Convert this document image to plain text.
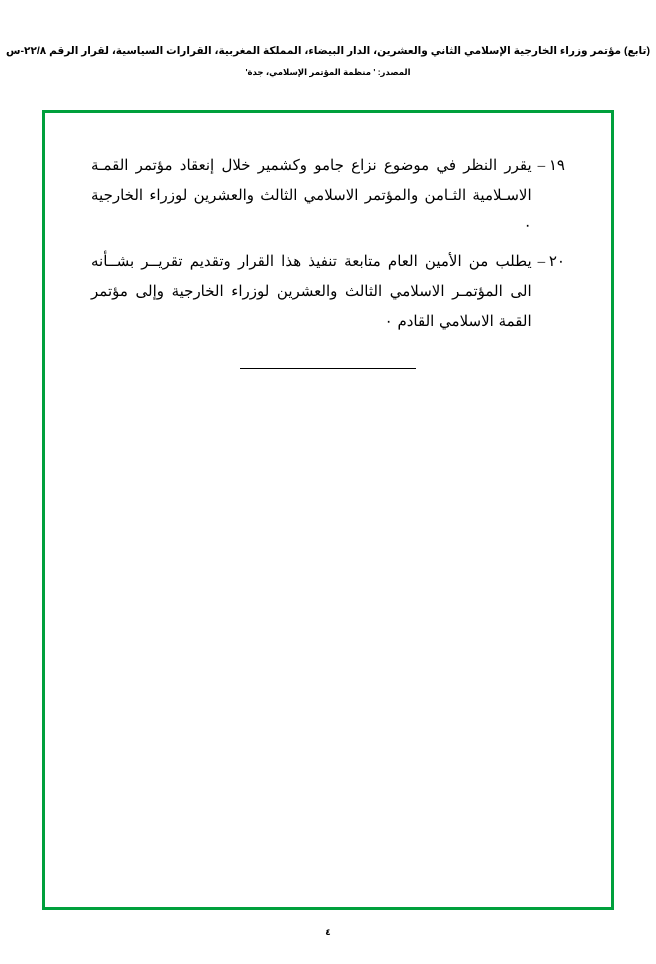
(تابع) مؤتمر وزراء الخارجية الإسلامي الثاني والعشرين، الدار البيضاء، المملكة المغربية، القرارات السياسية، لقرار الرقم ٢٢/٨-س
المصدر: ' منظمة المؤتمر الإسلامي، جدة'
١٩ –
يقرر النظر في موضوع نزاع جامو وكشمير خلال إنعقاد مؤتمر القمـة الاسـلامية الثـامن والمؤتمر الاسلامي الثالث والعشرين لوزراء الخارجية ٠
٢٠ –
يطلب من الأمين العام متابعة تنفيذ هذا القرار وتقديم تقريــر بشــأنه الى المؤتمـر الاسلامي الثالث والعشرين لوزراء الخارجية وإلى مؤتمر القمة الاسلامي القادم ٠
٤
